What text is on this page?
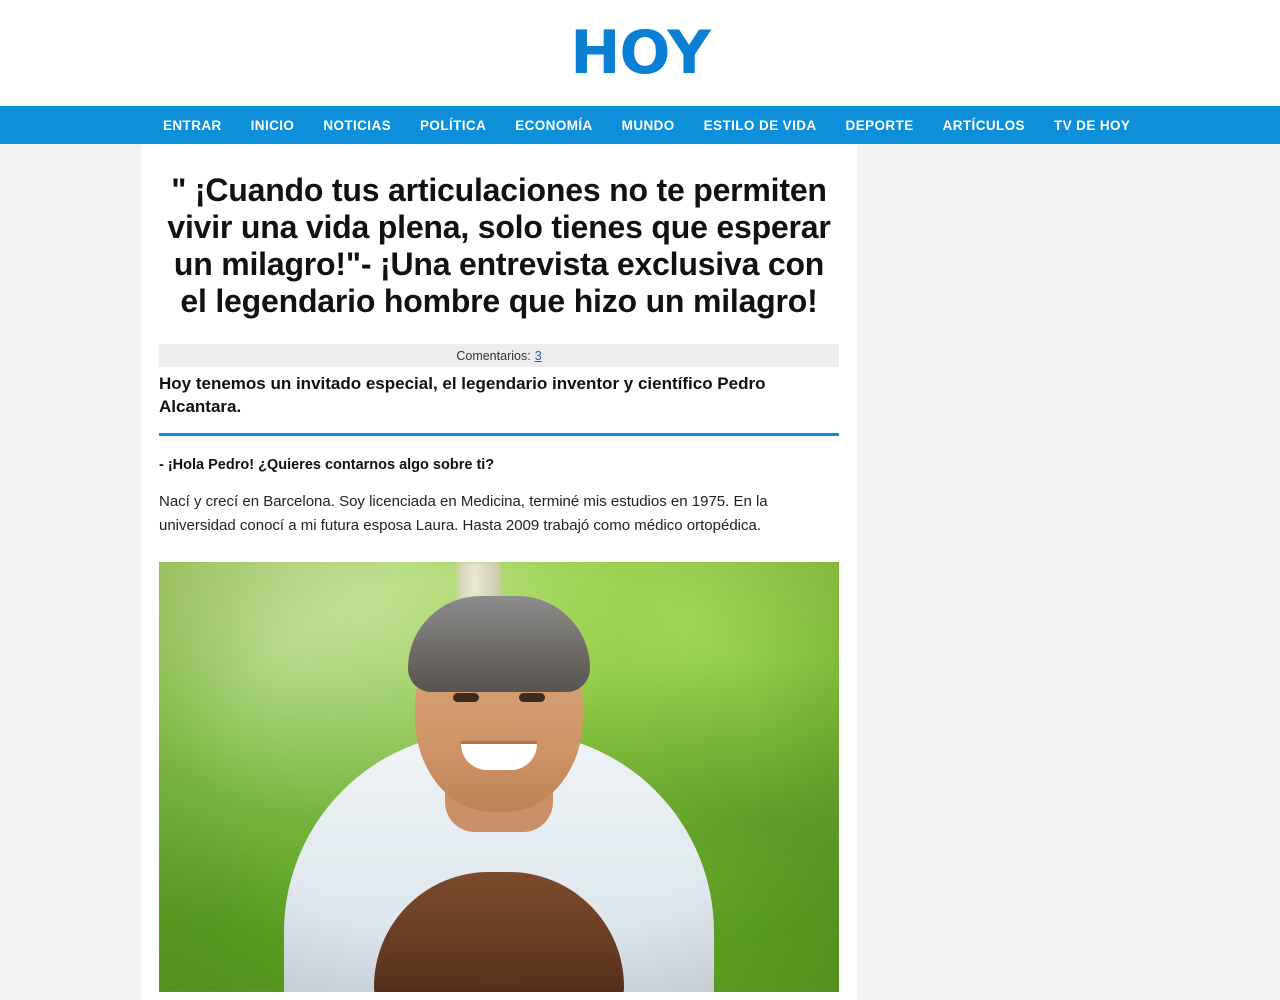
HOY
ENTRAR INICIO NOTICIAS POLÍTICA ECONOMÍA MUNDO ESTILO DE VIDA DEPORTE ARTÍCULOS TV DE HOY
" ¡Cuando tus articulaciones no te permiten vivir una vida plena, solo tienes que esperar un milagro!"- ¡Una entrevista exclusiva con el legendario hombre que hizo un milagro!
Comentarios: 3

Hoy tenemos un invitado especial, el legendario inventor y científico Pedro Alcantara.

- ¡Hola Pedro! ¿Quieres contarnos algo sobre ti?

Nací y crecí en Barcelona. Soy licenciada en Medicina, terminé mis estudios en 1975. En la universidad conocí a mi futura esposa Laura. Hasta 2009 trabajó como médico ortopédica.
